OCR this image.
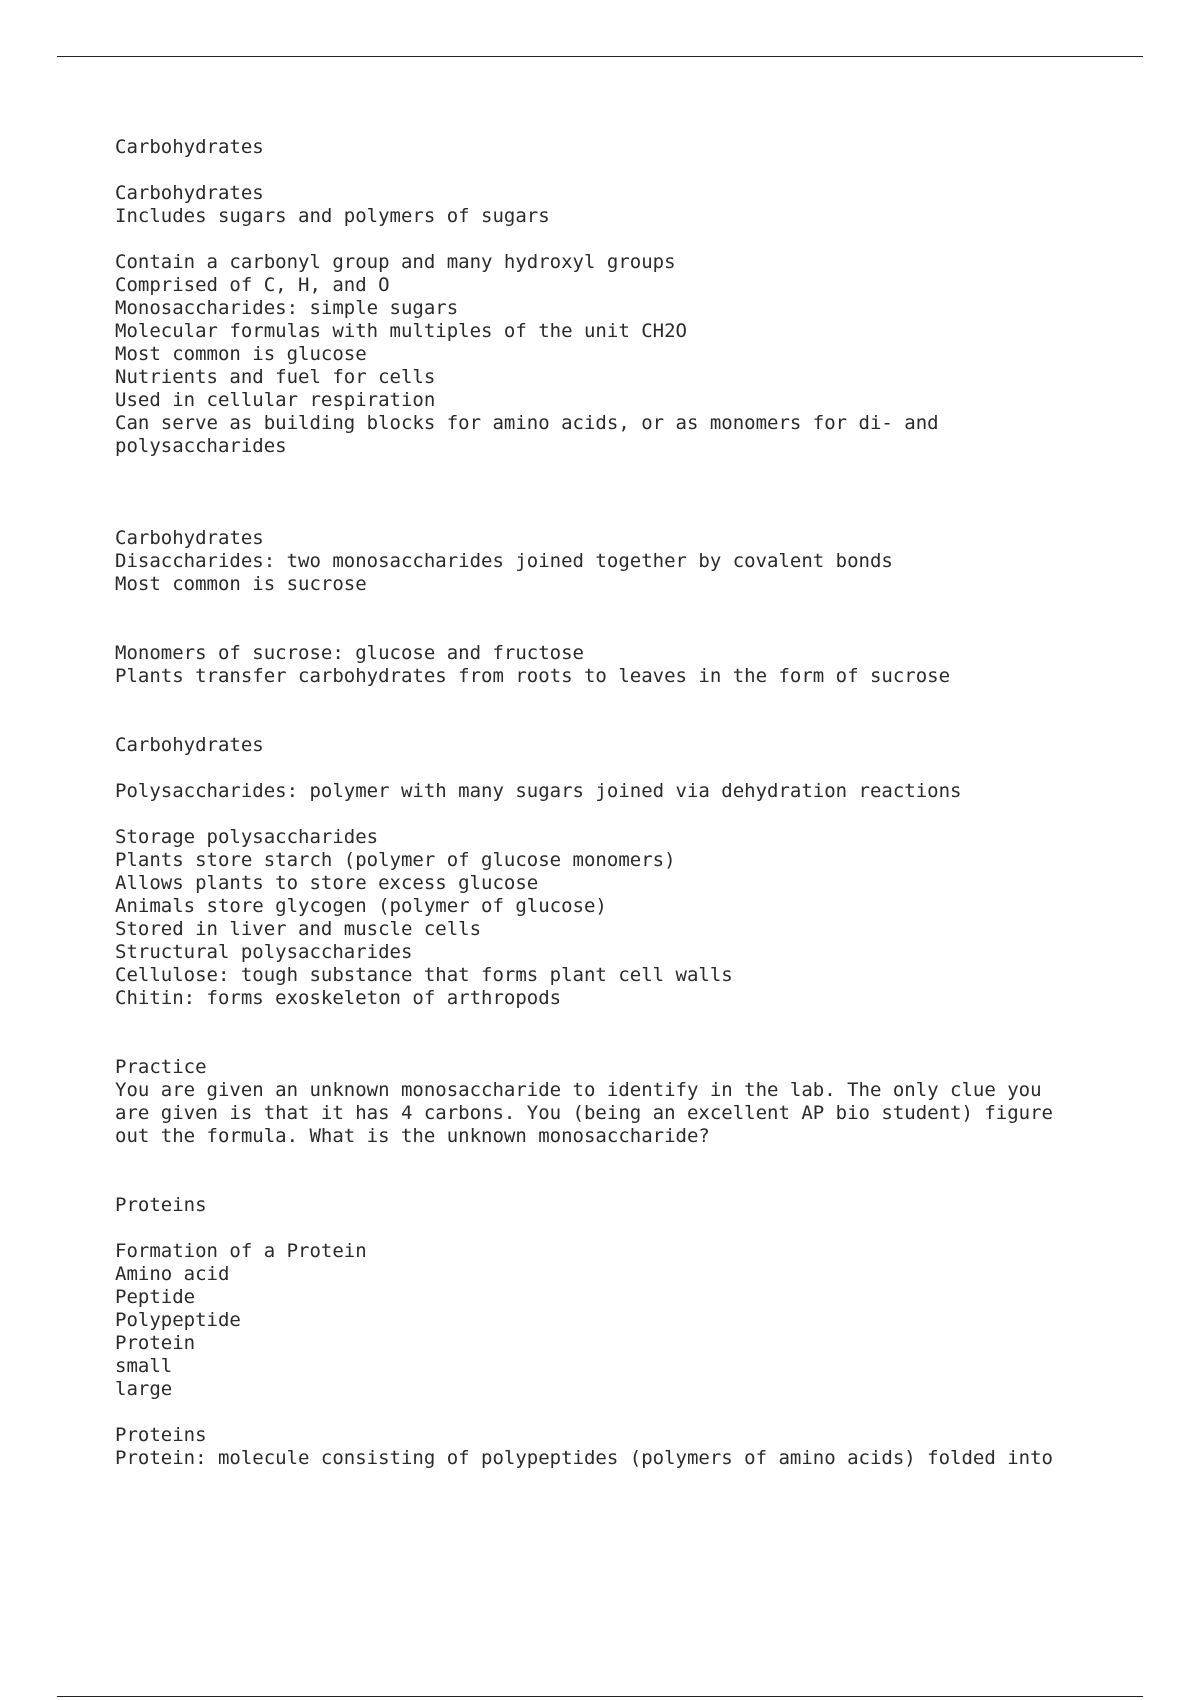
Carbohydrates
Carbohydrates
Includes sugars and polymers of sugars
Contain a carbonyl group and many hydroxyl groups
Comprised of C, H, and O
Monosaccharides: simple sugars
Molecular formulas with multiples of the unit CH2O
Most common is glucose
Nutrients and fuel for cells
Used in cellular respiration
Can serve as building blocks for amino acids, or as monomers for di- and
polysaccharides
Carbohydrates
Disaccharides: two monosaccharides joined together by covalent bonds
Most common is sucrose
Monomers of sucrose: glucose and fructose
Plants transfer carbohydrates from roots to leaves in the form of sucrose
Carbohydrates
Polysaccharides: polymer with many sugars joined via dehydration reactions
Storage polysaccharides
Plants store starch (polymer of glucose monomers)
Allows plants to store excess glucose
Animals store glycogen (polymer of glucose)
Stored in liver and muscle cells
Structural polysaccharides
Cellulose: tough substance that forms plant cell walls
Chitin: forms exoskeleton of arthropods
Practice
You are given an unknown monosaccharide to identify in the lab. The only clue you
are given is that it has 4 carbons. You (being an excellent AP bio student) figure
out the formula. What is the unknown monosaccharide?
Proteins
Formation of a Protein
Amino acid
Peptide
Polypeptide
Protein
small
large
Proteins
Protein: molecule consisting of polypeptides (polymers of amino acids) folded into
